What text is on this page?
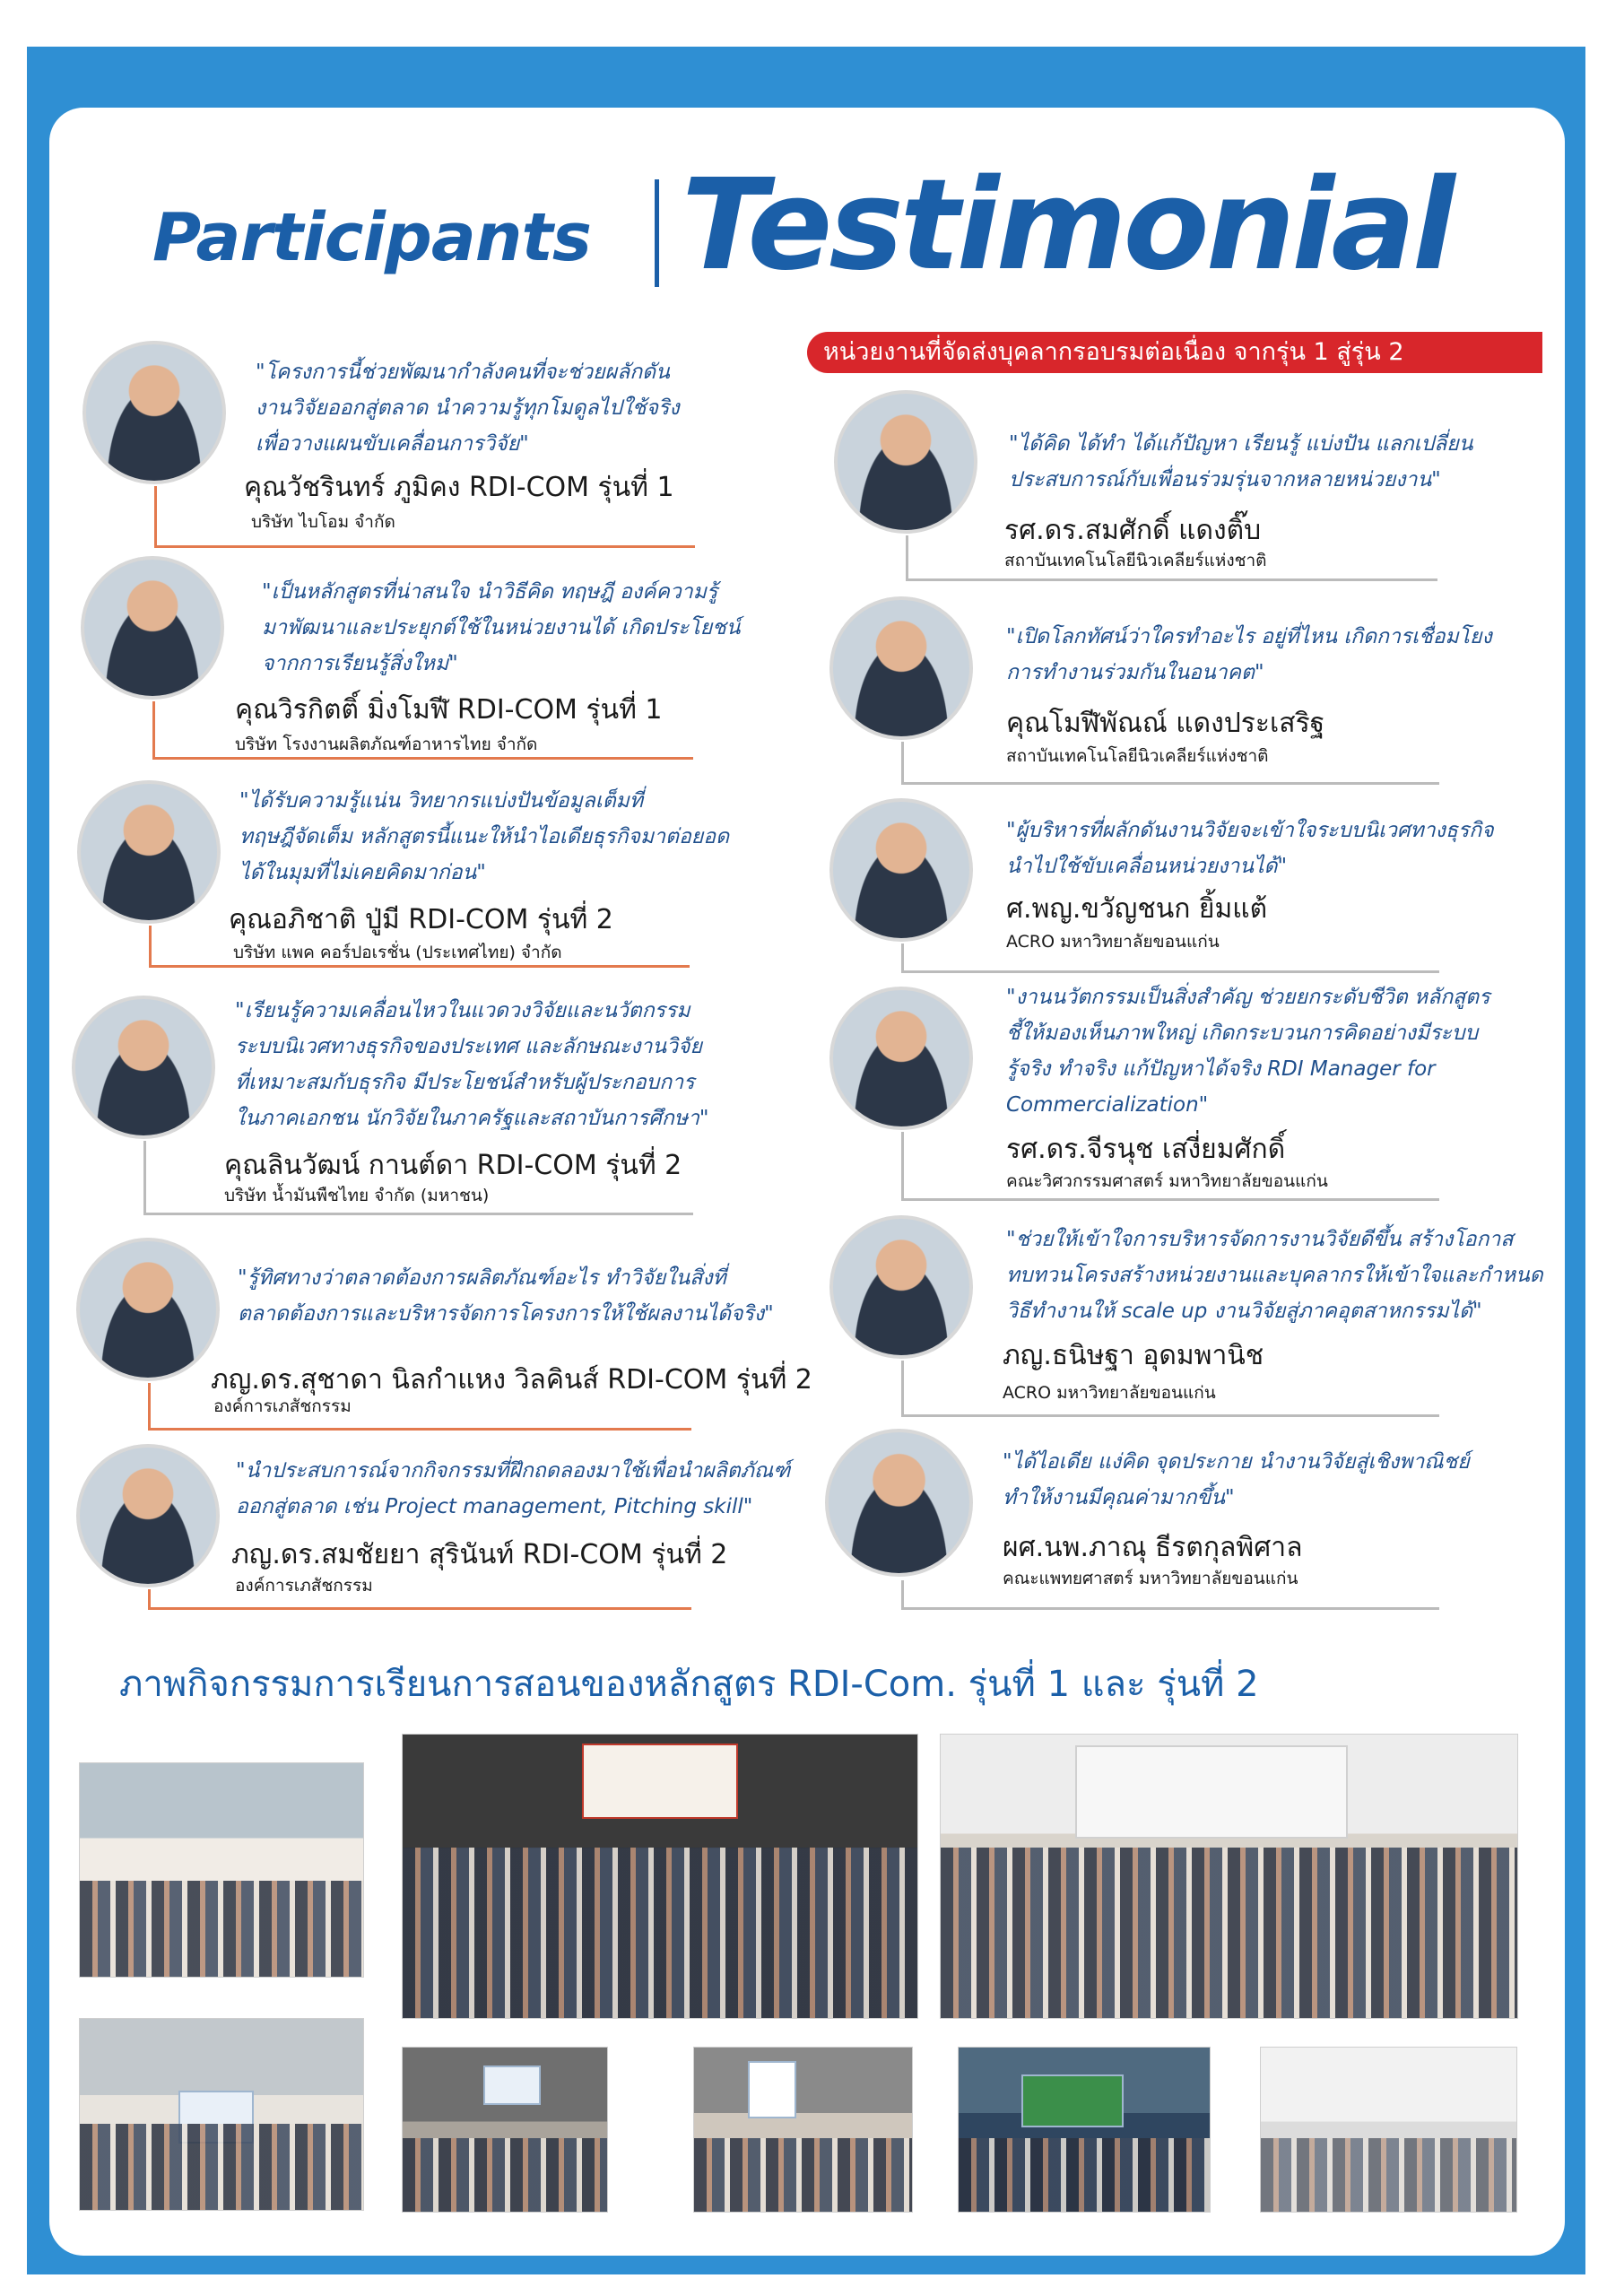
Participants Testimonial
หน่วยงานที่จัดส่งบุคลากรอบรมต่อเนื่อง จากรุ่น 1 สู่รุ่น 2
"โครงการนี้ช่วยพัฒนากำลังคนที่จะช่วยผลักดัน
งานวิจัยออกสู่ตลาด นำความรู้ทุกโมดูลไปใช้จริง
เพื่อวางแผนขับเคลื่อนการวิจัย"
คุณวัชรินทร์ ภูมิคง RDI-COM รุ่นที่ 1
บริษัท ไบโอม จำกัด
"เป็นหลักสูตรที่น่าสนใจ นำวิธีคิด ทฤษฎี องค์ความรู้
มาพัฒนาและประยุกต์ใช้ในหน่วยงานได้ เกิดประโยชน์
จากการเรียนรู้สิ่งใหม่"
คุณวิรกิตติ์ มิ่งโมฬี RDI-COM รุ่นที่ 1
บริษัท โรงงานผลิตภัณฑ์อาหารไทย จำกัด
"ได้รับความรู้แน่น วิทยากรแบ่งปันข้อมูลเต็มที่
ทฤษฎีจัดเต็ม หลักสูตรนี้แนะให้นำไอเดียธุรกิจมาต่อยอด
ได้ในมุมที่ไม่เคยคิดมาก่อน"
คุณอภิชาติ ปู่มี RDI-COM รุ่นที่ 2
บริษัท แพค คอร์ปอเรชั่น (ประเทศไทย) จำกัด
"เรียนรู้ความเคลื่อนไหวในแวดวงวิจัยและนวัตกรรม
ระบบนิเวศทางธุรกิจของประเทศ และลักษณะงานวิจัย
ที่เหมาะสมกับธุรกิจ มีประโยชน์สำหรับผู้ประกอบการ
ในภาคเอกชน นักวิจัยในภาครัฐและสถาบันการศึกษา"
คุณลินวัฒน์ กานต์ดา RDI-COM รุ่นที่ 2
บริษัท น้ำมันพืชไทย จำกัด (มหาชน)
"รู้ทิศทางว่าตลาดต้องการผลิตภัณฑ์อะไร ทำวิจัยในสิ่งที่
ตลาดต้องการและบริหารจัดการโครงการให้ใช้ผลงานได้จริง"
ภญ.ดร.สุชาดา นิลกำแหง วิลคินส์ RDI-COM รุ่นที่ 2
องค์การเภสัชกรรม
"นำประสบการณ์จากกิจกรรมที่ฝึกถดลองมาใช้เพื่อนำผลิตภัณฑ์
ออกสู่ตลาด เช่น Project management, Pitching skill"
ภญ.ดร.สมชัยยา สุรินันท์ RDI-COM รุ่นที่ 2
องค์การเภสัชกรรม
"ได้คิด ได้ทำ ได้แก้ปัญหา เรียนรู้ แบ่งปัน แลกเปลี่ยน
ประสบการณ์กับเพื่อนร่วมรุ่นจากหลายหน่วยงาน"
รศ.ดร.สมศักดิ์ แดงติ๊บ
สถาบันเทคโนโลยีนิวเคลียร์แห่งชาติ
"เปิดโลกทัศน์ว่าใครทำอะไร อยู่ที่ไหน เกิดการเชื่อมโยง
การทำงานร่วมกันในอนาคต"
คุณโมฬีพัณณ์ แดงประเสริฐ
สถาบันเทคโนโลยีนิวเคลียร์แห่งชาติ
"ผู้บริหารที่ผลักดันงานวิจัยจะเข้าใจระบบนิเวศทางธุรกิจ
นำไปใช้ขับเคลื่อนหน่วยงานได้"
ศ.พญ.ขวัญชนก ยิ้มแต้
ACRO มหาวิทยาลัยขอนแก่น
"งานนวัตกรรมเป็นสิ่งสำคัญ ช่วยยกระดับชีวิต หลักสูตร
ชี้ให้มองเห็นภาพใหญ่ เกิดกระบวนการคิดอย่างมีระบบ
รู้จริง ทำจริง แก้ปัญหาได้จริง RDI Manager for
Commercialization"
รศ.ดร.จีรนุช เสงี่ยมศักดิ์
คณะวิศวกรรมศาสตร์ มหาวิทยาลัยขอนแก่น
"ช่วยให้เข้าใจการบริหารจัดการงานวิจัยดีขึ้น สร้างโอกาส
ทบทวนโครงสร้างหน่วยงานและบุคลากรให้เข้าใจและกำหนด
วิธีทำงานให้ scale up งานวิจัยสู่ภาคอุตสาหกรรมได้"
ภญ.ธนิษฐา อุดมพานิช
ACRO มหาวิทยาลัยขอนแก่น
"ได้ไอเดีย แง่คิด จุดประกาย นำงานวิจัยสู่เชิงพาณิชย์
ทำให้งานมีคุณค่ามากขึ้น"
ผศ.นพ.ภาณุ ธีรตกุลพิศาล
คณะแพทยศาสตร์ มหาวิทยาลัยขอนแก่น
ภาพกิจกรรมการเรียนการสอนของหลักสูตร RDI-Com. รุ่นที่ 1 และ รุ่นที่ 2
